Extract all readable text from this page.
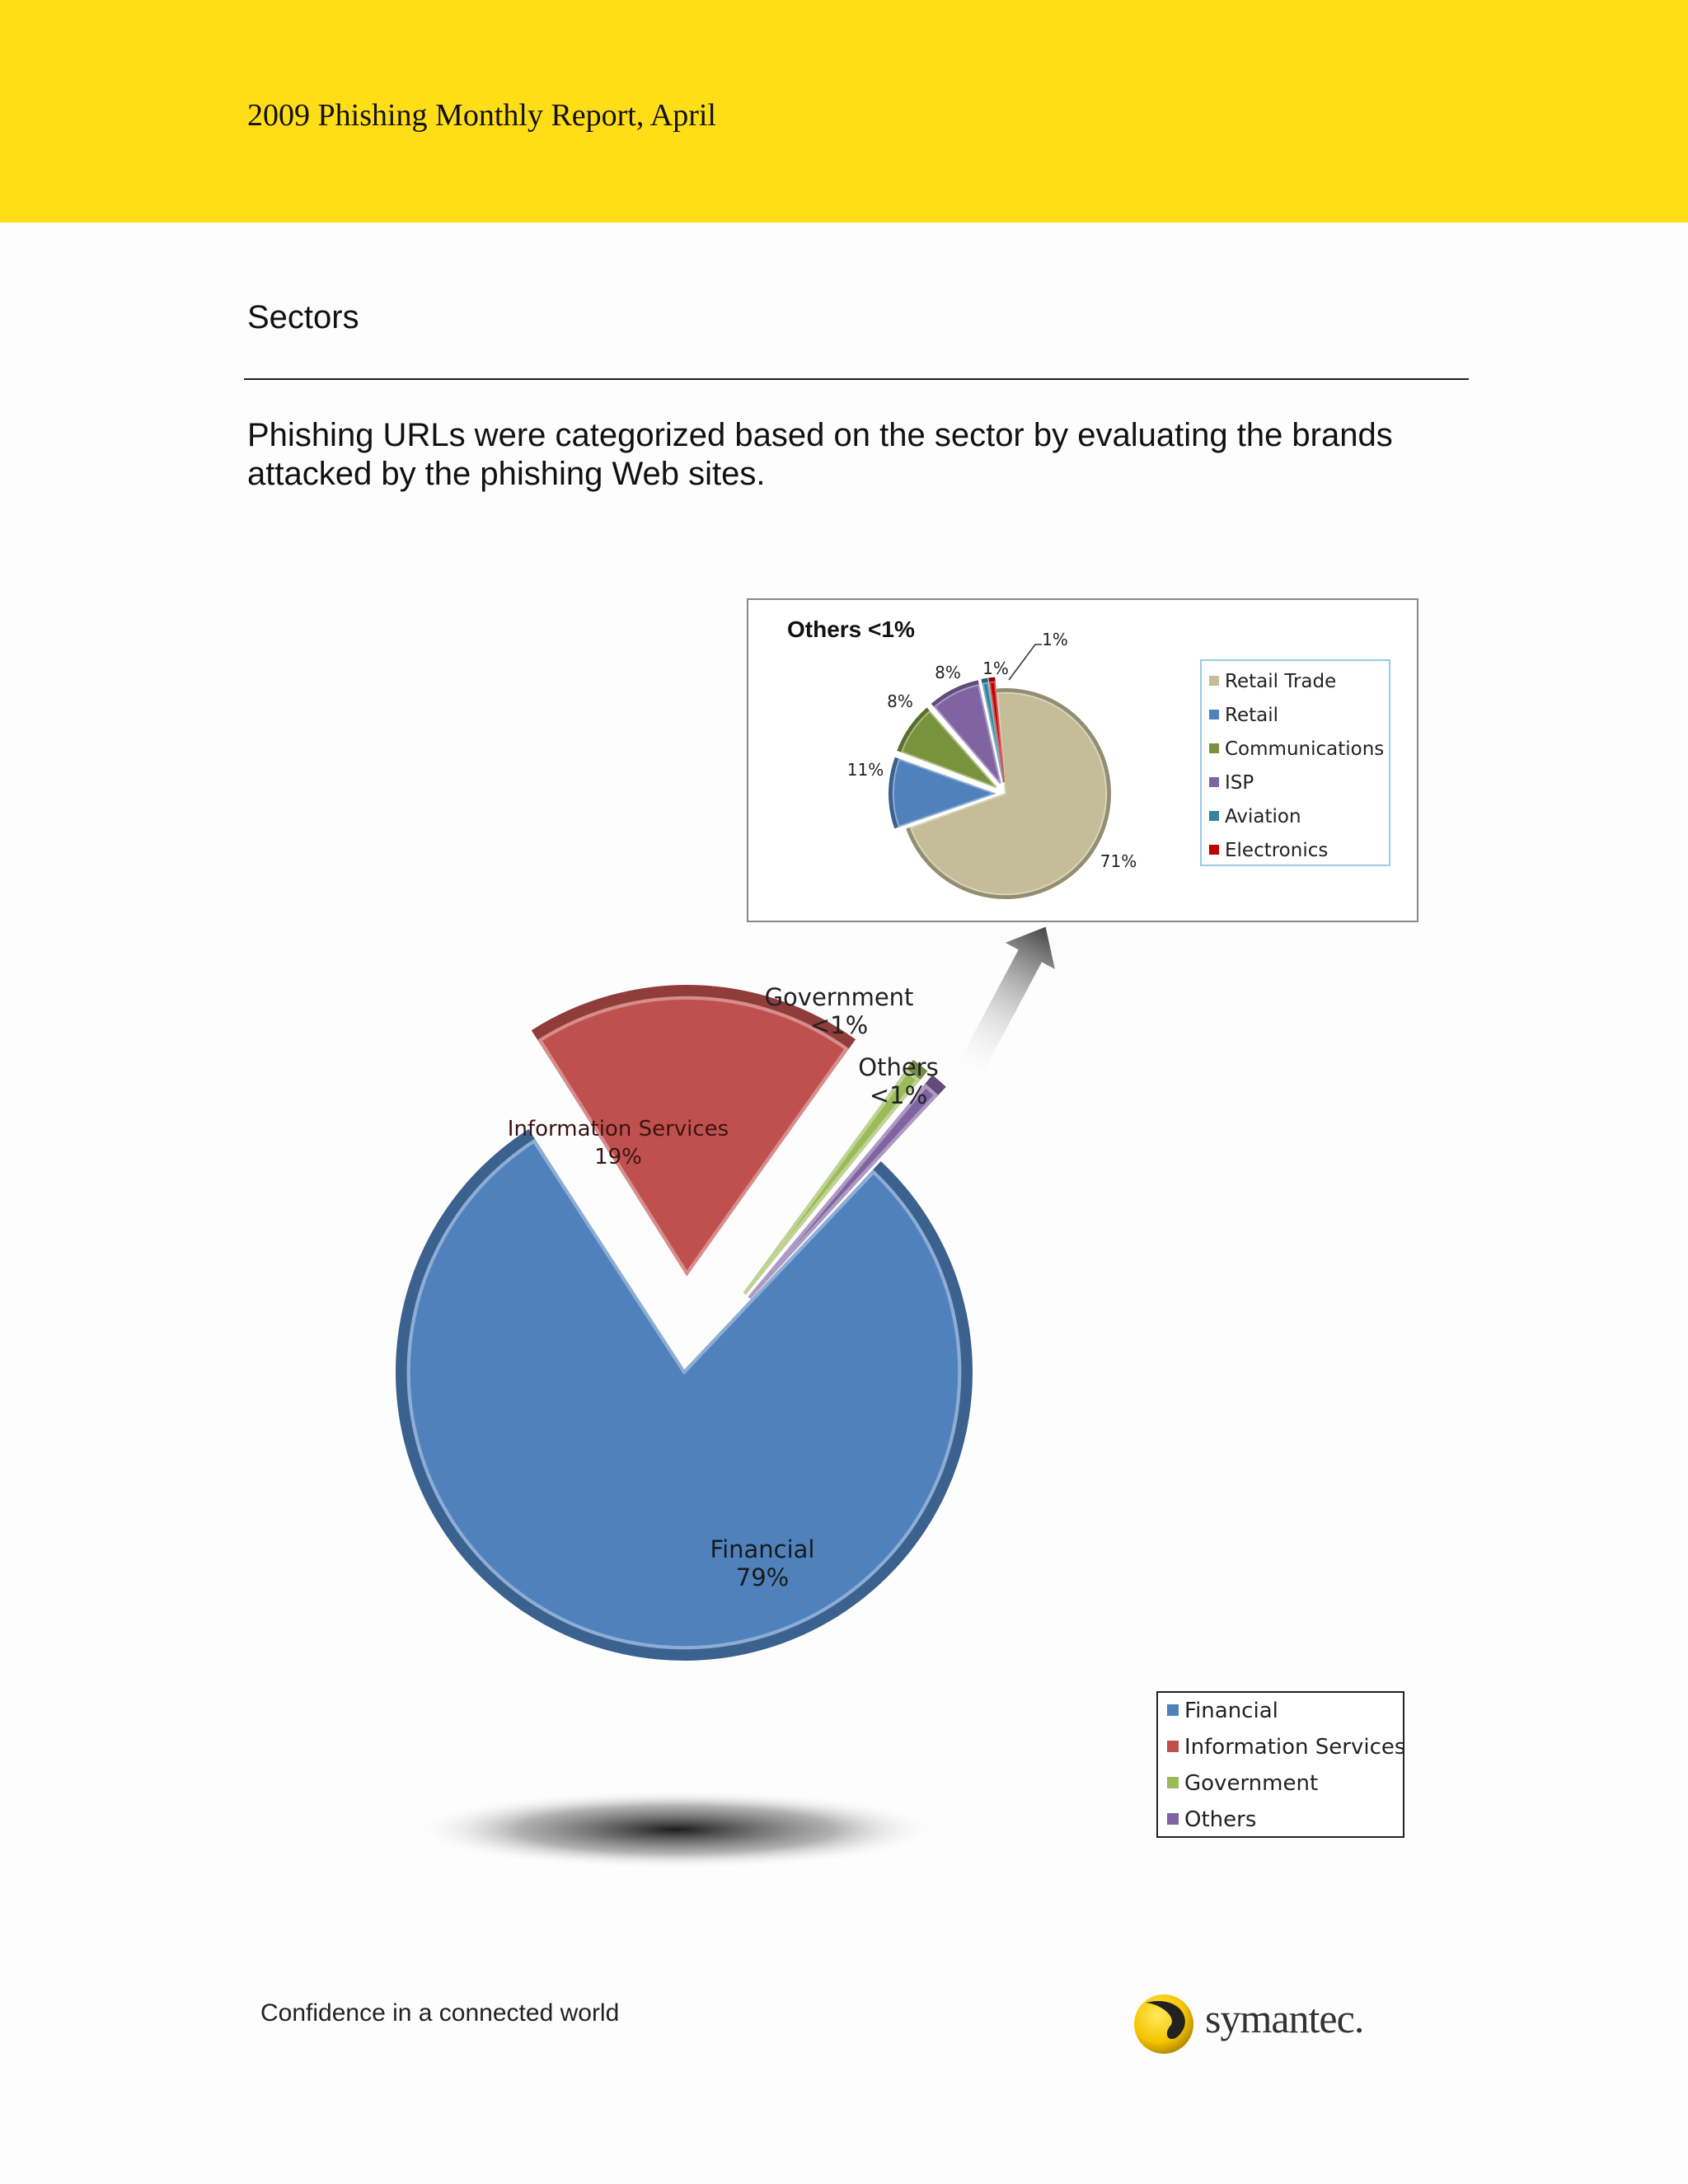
2009 Phishing Monthly Report, April
Sectors
Phishing URLs were categorized based on the sector by evaluating the brands attacked by the phishing Web sites.
Financial
79%
Information Services
19%
Government
<1%
Others
<1%
Others <1%
71%
11%
8%
8% 1%
1%
Retail Trade
Retail
Communications
ISP
Aviation
Electronics
Financial
Information Services
Government
Others
Confidence in a connected world	symantec.
